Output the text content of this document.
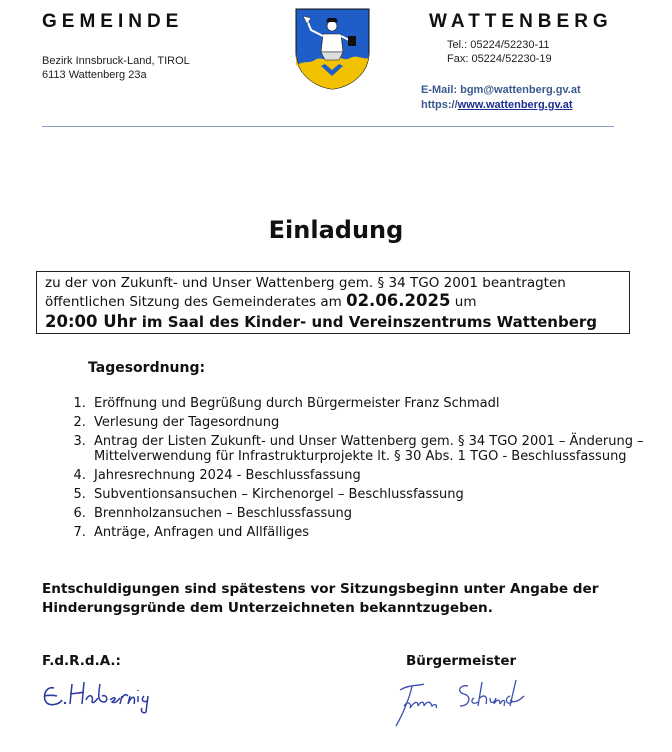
GEMEINDE	WATTENBERG
Bezirk Innsbruck-Land, TIROL
6113 Wattenberg 23a
Tel.: 05224/52230-11
Fax: 05224/52230-19
E-Mail: bgm@wattenberg.gv.at
https://www.wattenberg.gv.at
Einladung
zu der von Zukunft- und Unser Wattenberg gem. § 34 TGO 2001 beantragten
öffentlichen Sitzung des Gemeinderates am 02.06.2025 um
20:00 Uhr im Saal des Kinder- und Vereinszentrums Wattenberg
Tagesordnung:
1. Eröffnung und Begrüßung durch Bürgermeister Franz Schmadl
2. Verlesung der Tagesordnung
3. Antrag der Listen Zukunft- und Unser Wattenberg gem. § 34 TGO 2001 – Änderung – Mittelverwendung für Infrastrukturprojekte lt. § 30 Abs. 1 TGO - Beschlussfassung
4. Jahresrechnung 2024 - Beschlussfassung
5. Subventionsansuchen – Kirchenorgel – Beschlussfassung
6. Brennholzansuchen – Beschlussfassung
7. Anträge, Anfragen und Allfälliges
Entschuldigungen sind spätestens vor Sitzungsbeginn unter Angabe der Hinderungsgründe dem Unterzeichneten bekanntzugeben.
F.d.R.d.A.:	Bürgermeister
